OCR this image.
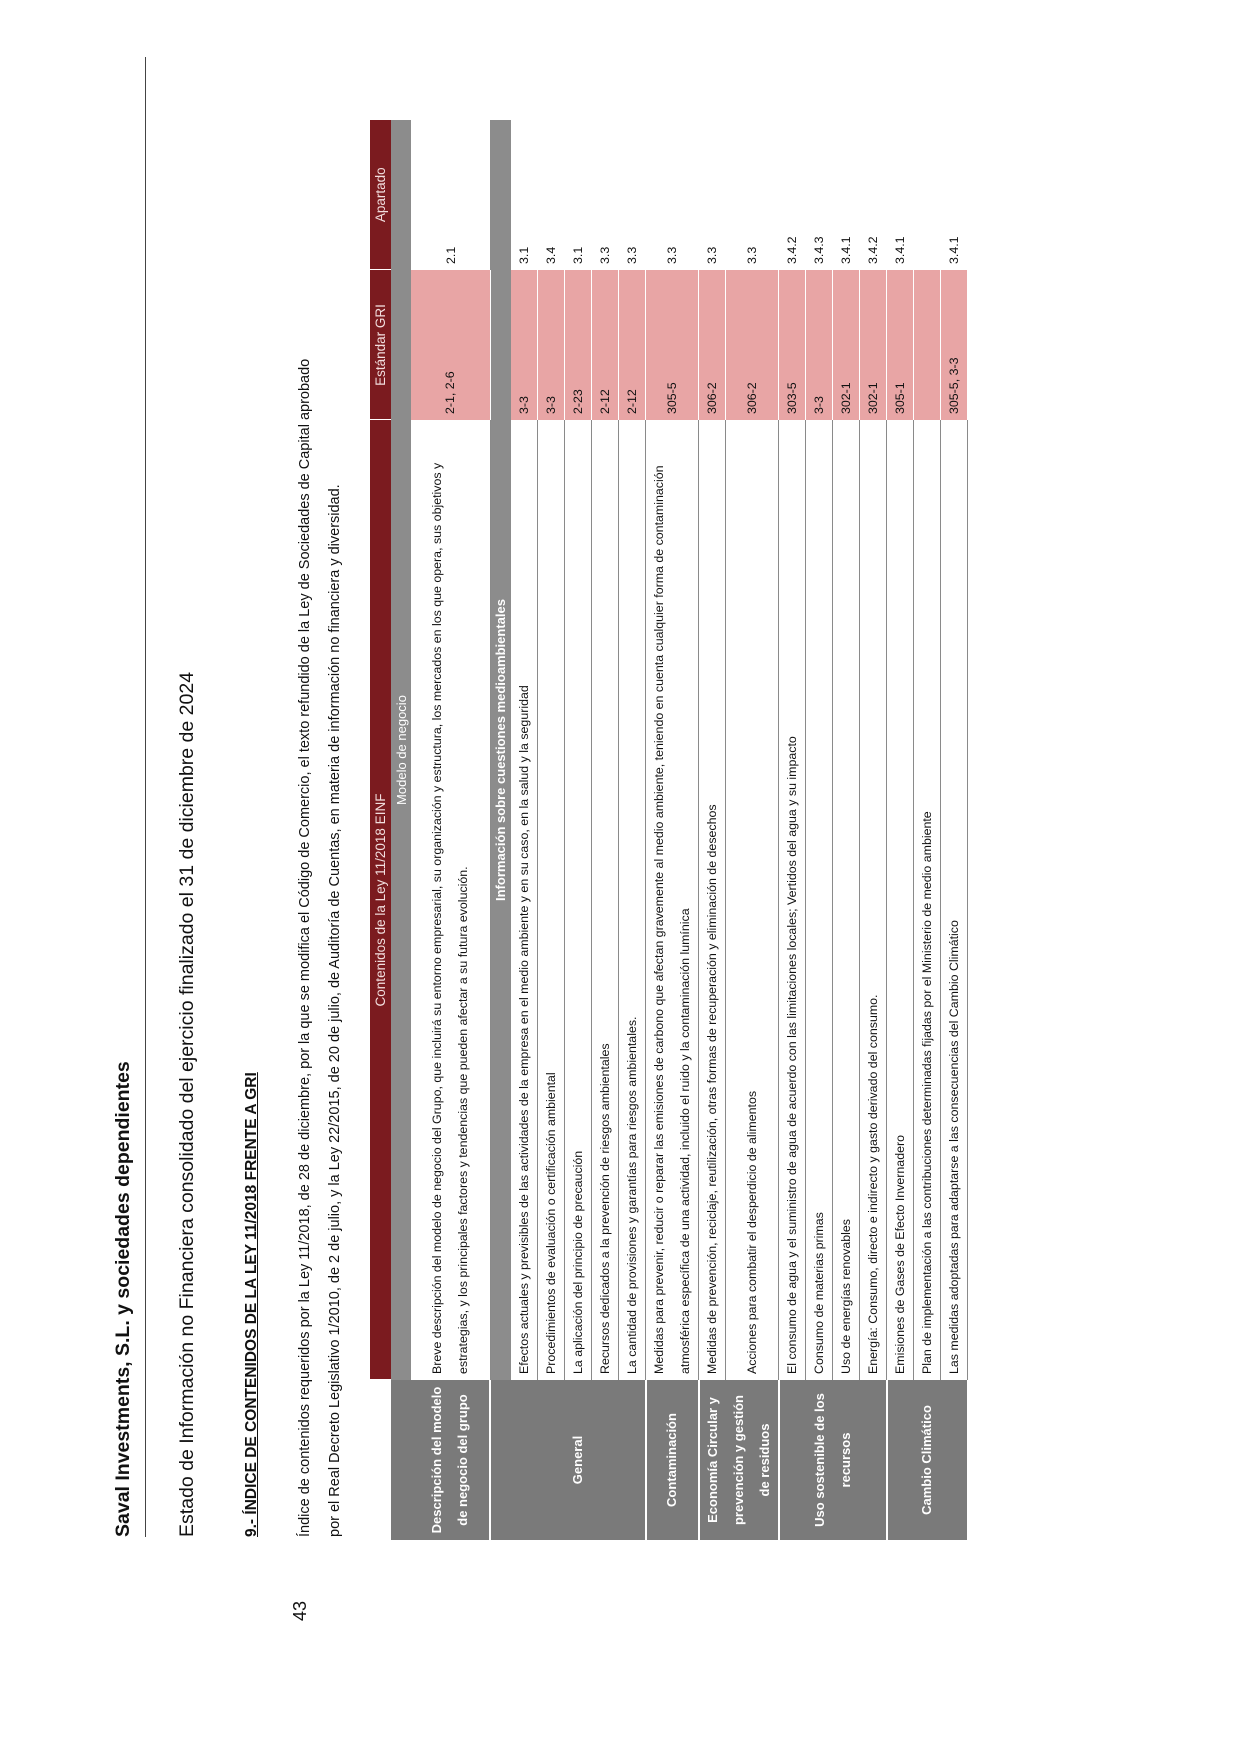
Saval Investments, S.L. y sociedades dependientes	Estado de Información no Financiera consolidado del ejercicio finalizado el 31 de diciembre de 2024	9.- ÍNDICE DE CONTENIDOS DE LA LEY 11/2018 FRENTE A GRI	Índice de contenidos requeridos por la Ley 11/2018, de 28 de diciembre, por la que se modifica el Código de Comercio, el texto refundido de la Ley de Sociedades de Capital aprobado por el Real Decreto Legislativo 1/2010, de 2 de julio, y la Ley 22/2015, de 20 de julio, de Auditoría de Cuentas, en materia de información no financiera y diversidad.
43
	Contenidos de la Ley 11/2018 EINF	Estándar GRI	Apartado
	Modelo de negocio		
Descripción del modelo de negocio del grupo	Breve descripción del modelo de negocio del Grupo, que incluirá su entorno empresarial, su organización y estructura, los mercados en los que opera, sus objetivos y estrategias, y los principales factores y tendencias que pueden afectar a su futura evolución.	2-1, 2-6	2.1
	Información sobre cuestiones medioambientales		
General	Efectos actuales y previsibles de las actividades de la empresa en el medio ambiente y en su caso, en la salud y la seguridad	3-3	3.1
	Procedimientos de evaluación o certificación ambiental	3-3	3.4
	La aplicación del principio de precaución	2-23	3.1
	Recursos dedicados a la prevención de riesgos ambientales	2-12	3.3
	La cantidad de provisiones y garantías para riesgos ambientales.	2-12	3.3
Contaminación	Medidas para prevenir, reducir o reparar las emisiones de carbono que afectan gravemente al medio ambiente, teniendo en cuenta cualquier forma de contaminación atmosférica específica de una actividad, incluido el ruido y la contaminación lumínica	305-5	3.3
Economía Circular y prevención y gestión de residuos	Medidas de prevención, reciclaje, reutilización, otras formas de recuperación y eliminación de desechos	306-2	3.3
	Acciones para combatir el desperdicio de alimentos	306-2	3.3
Uso sostenible de los recursos	El consumo de agua y el suministro de agua de acuerdo con las limitaciones locales; Vertidos del agua y su impacto	303-5	3.4.2
	Consumo de materias primas	3-3	3.4.3
	Uso de energías renovables	302-1	3.4.1
	Energía: Consumo, directo e indirecto y gasto derivado del consumo.	302-1	3.4.2
Cambio Climático	Emisiones de Gases de Efecto Invernadero	305-1	3.4.1
	Plan de implementación a las contribuciones determinadas fijadas por el Ministerio de medio ambiente		
	Las medidas adoptadas para adaptarse a las consecuencias del Cambio Climático	305-5, 3-3	3.4.1
